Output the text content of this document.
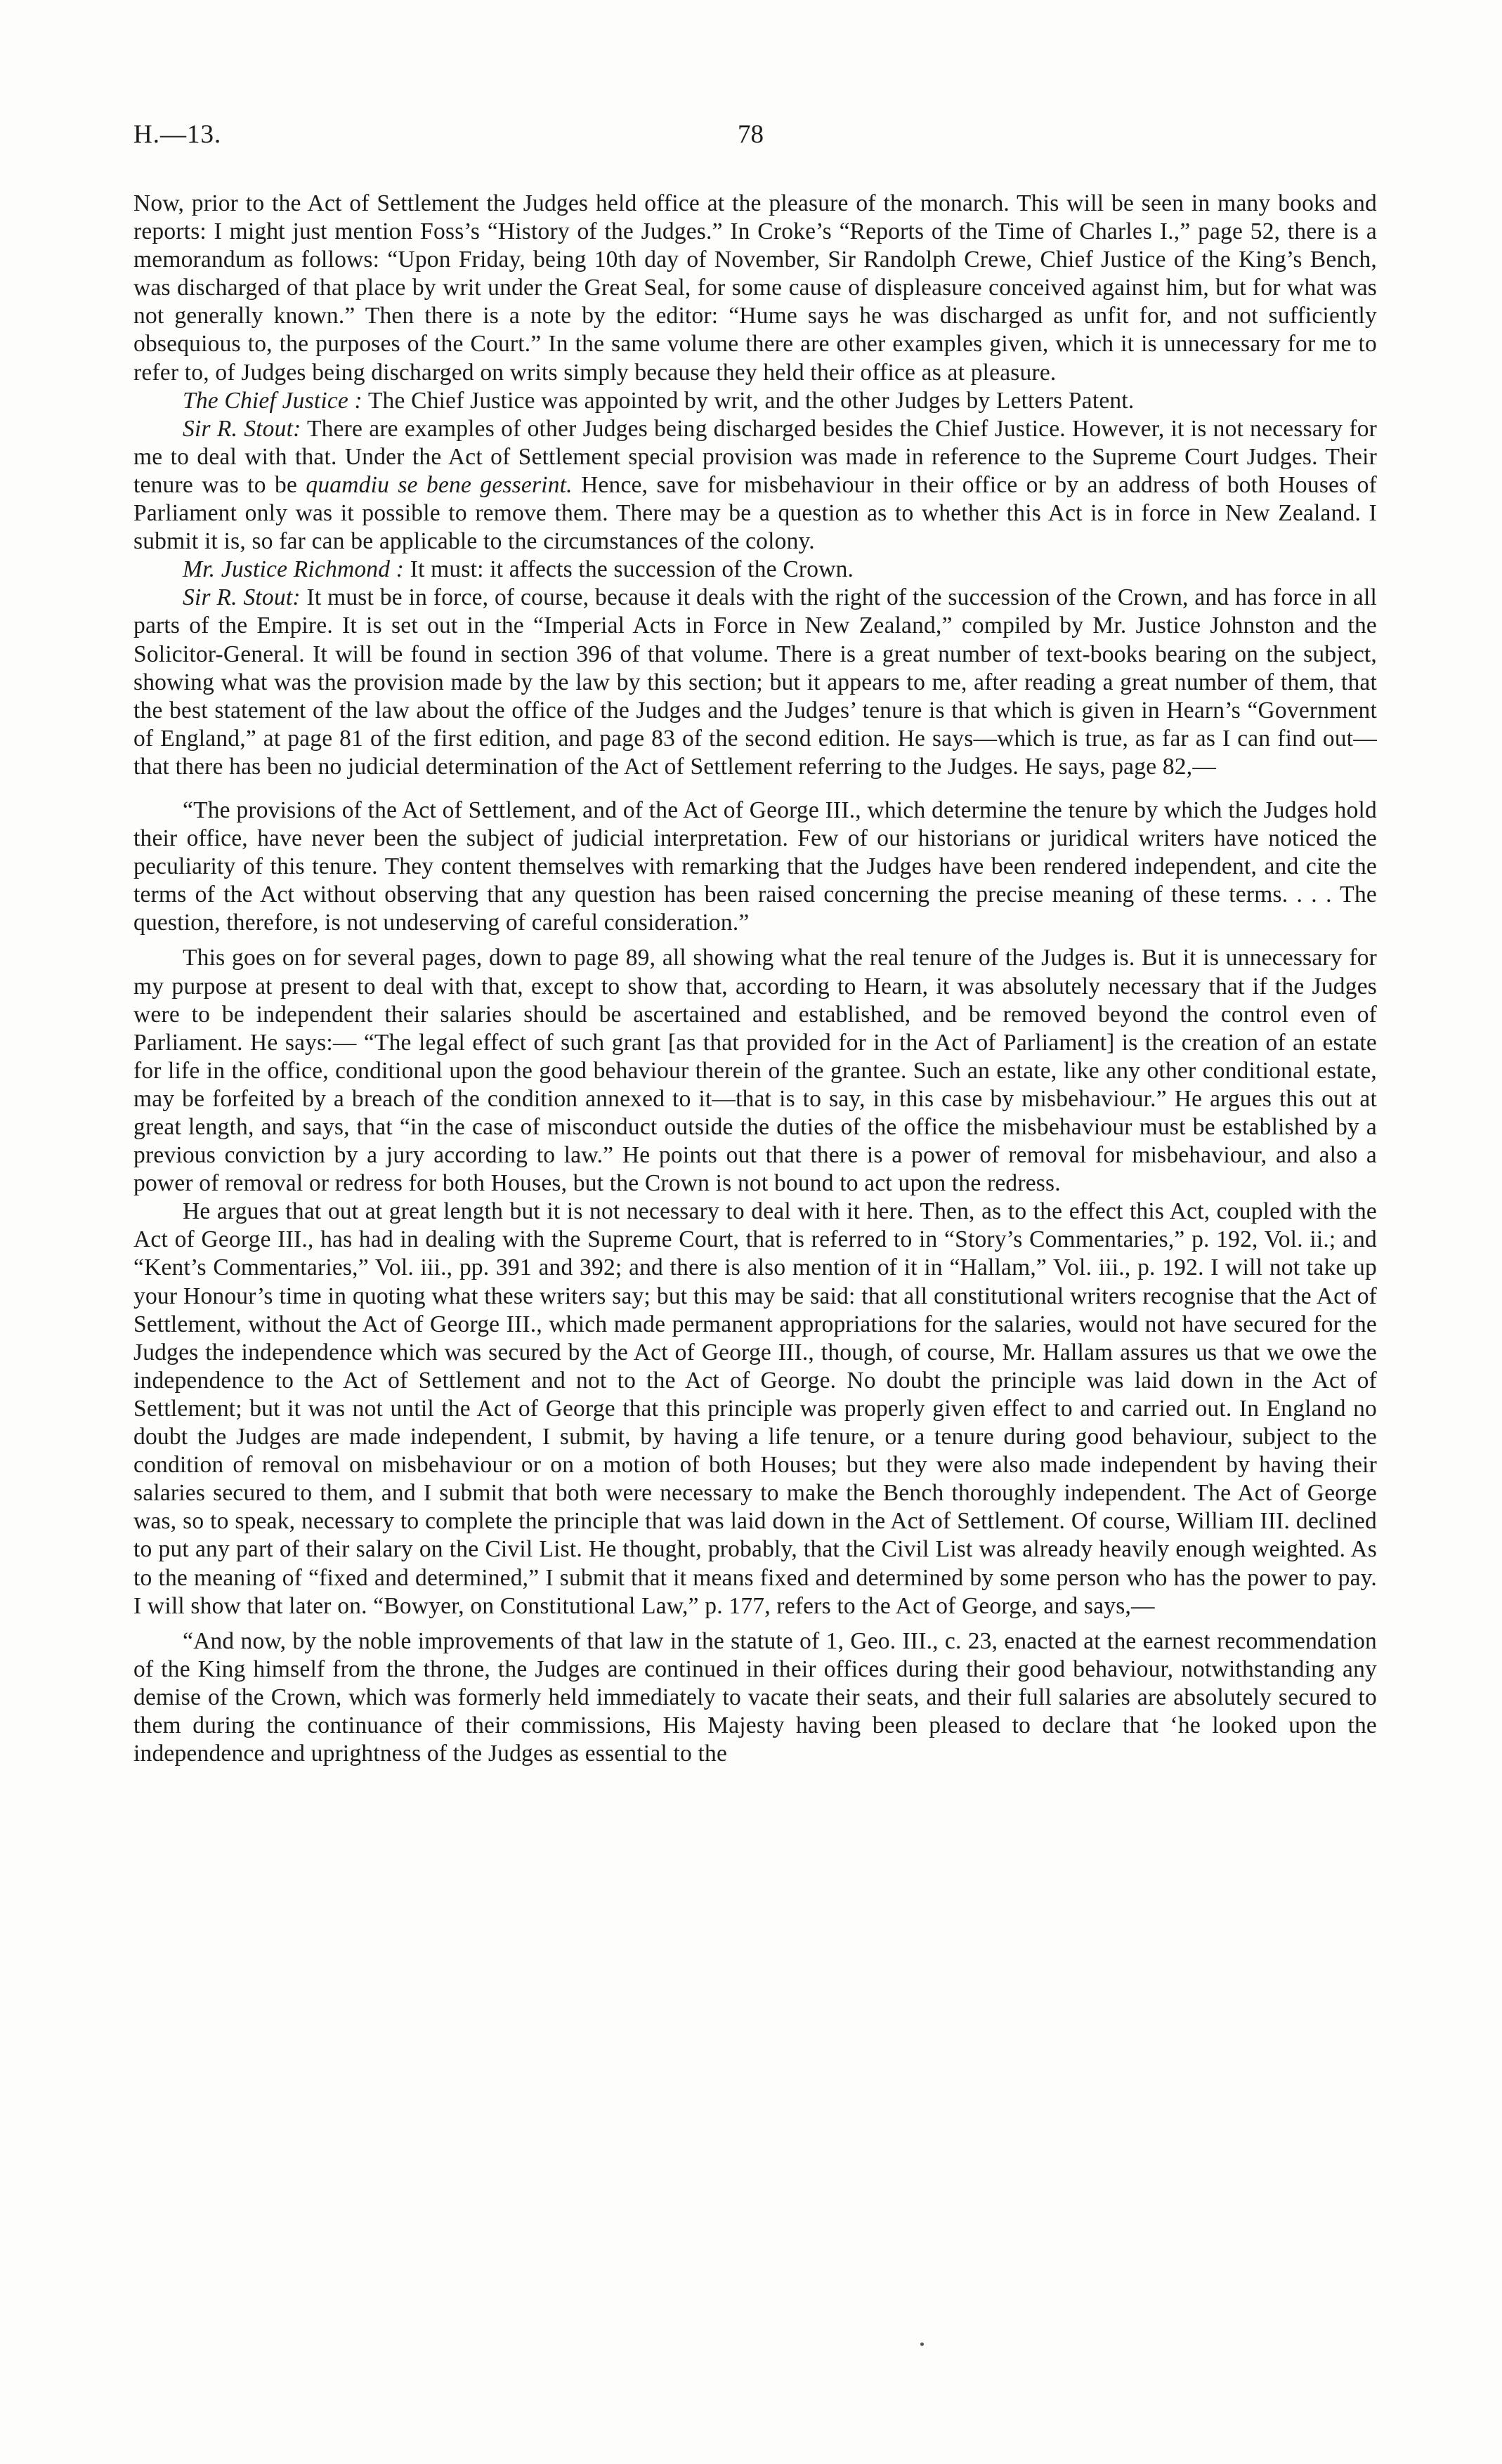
H.—13.	78

Now, prior to the Act of Settlement the Judges held office at the pleasure of the monarch. This will be seen in many books and reports: I might just mention Foss’s “History of the Judges.” In Croke’s “Reports of the Time of Charles I.,” page 52, there is a memorandum as follows: “Upon Friday, being 10th day of November, Sir Randolph Crewe, Chief Justice of the King’s Bench, was discharged of that place by writ under the Great Seal, for some cause of displeasure conceived against him, but for what was not generally known.” Then there is a note by the editor: “Hume says he was discharged as unfit for, and not sufficiently obsequious to, the purposes of the Court.” In the same volume there are other examples given, which it is unnecessary for me to refer to, of Judges being discharged on writs simply because they held their office as at pleasure.

The Chief Justice : The Chief Justice was appointed by writ, and the other Judges by Letters Patent.

Sir R. Stout: There are examples of other Judges being discharged besides the Chief Justice. However, it is not necessary for me to deal with that. Under the Act of Settlement special provision was made in reference to the Supreme Court Judges. Their tenure was to be quamdiu se bene gesserint. Hence, save for misbehaviour in their office or by an address of both Houses of Parliament only was it possible to remove them. There may be a question as to whether this Act is in force in New Zealand. I submit it is, so far can be applicable to the circumstances of the colony.

Mr. Justice Richmond : It must: it affects the succession of the Crown.

Sir R. Stout: It must be in force, of course, because it deals with the right of the succession of the Crown, and has force in all parts of the Empire. It is set out in the “Imperial Acts in Force in New Zealand,” compiled by Mr. Justice Johnston and the Solicitor-General. It will be found in section 396 of that volume. There is a great number of text-books bearing on the subject, showing what was the provision made by the law by this section; but it appears to me, after reading a great number of them, that the best statement of the law about the office of the Judges and the Judges’ tenure is that which is given in Hearn’s “Government of England,” at page 81 of the first edition, and page 83 of the second edition. He says—which is true, as far as I can find out—that there has been no judicial determination of the Act of Settlement referring to the Judges. He says, page 82,—

“The provisions of the Act of Settlement, and of the Act of George III., which determine the tenure by which the Judges hold their office, have never been the subject of judicial interpretation. Few of our historians or juridical writers have noticed the peculiarity of this tenure. They content themselves with remarking that the Judges have been rendered independent, and cite the terms of the Act without observing that any question has been raised concerning the precise meaning of these terms. . . . The question, therefore, is not undeserving of careful consideration.”

This goes on for several pages, down to page 89, all showing what the real tenure of the Judges is. But it is unnecessary for my purpose at present to deal with that, except to show that, according to Hearn, it was absolutely necessary that if the Judges were to be independent their salaries should be ascertained and established, and be removed beyond the control even of Parliament. He says:— “The legal effect of such grant [as that provided for in the Act of Parliament] is the creation of an estate for life in the office, conditional upon the good behaviour therein of the grantee. Such an estate, like any other conditional estate, may be forfeited by a breach of the condition annexed to it—that is to say, in this case by misbehaviour.” He argues this out at great length, and says, that “in the case of misconduct outside the duties of the office the misbehaviour must be established by a previous conviction by a jury according to law.” He points out that there is a power of removal for misbehaviour, and also a power of removal or redress for both Houses, but the Crown is not bound to act upon the redress.

He argues that out at great length but it is not necessary to deal with it here. Then, as to the effect this Act, coupled with the Act of George III., has had in dealing with the Supreme Court, that is referred to in “Story’s Commentaries,” p. 192, Vol. ii.; and “Kent’s Commentaries,” Vol. iii., pp. 391 and 392; and there is also mention of it in “Hallam,” Vol. iii., p. 192. I will not take up your Honour’s time in quoting what these writers say; but this may be said: that all constitutional writers recognise that the Act of Settlement, without the Act of George III., which made permanent appropriations for the salaries, would not have secured for the Judges the independence which was secured by the Act of George III., though, of course, Mr. Hallam assures us that we owe the independence to the Act of Settlement and not to the Act of George. No doubt the principle was laid down in the Act of Settlement; but it was not until the Act of George that this principle was properly given effect to and carried out. In England no doubt the Judges are made independent, I submit, by having a life tenure, or a tenure during good behaviour, subject to the condition of removal on misbehaviour or on a motion of both Houses; but they were also made independent by having their salaries secured to them, and I submit that both were necessary to make the Bench thoroughly independent. The Act of George was, so to speak, necessary to complete the principle that was laid down in the Act of Settlement. Of course, William III. declined to put any part of their salary on the Civil List. He thought, probably, that the Civil List was already heavily enough weighted. As to the meaning of “fixed and determined,” I submit that it means fixed and determined by some person who has the power to pay. I will show that later on. “Bowyer, on Constitutional Law,” p. 177, refers to the Act of George, and says,—

“And now, by the noble improvements of that law in the statute of 1, Geo. III., c. 23, enacted at the earnest recommendation of the King himself from the throne, the Judges are continued in their offices during their good behaviour, notwithstanding any demise of the Crown, which was formerly held immediately to vacate their seats, and their full salaries are absolutely secured to them during the continuance of their commissions, His Majesty having been pleased to declare that ‘he looked upon the independence and uprightness of the Judges as essential to the
